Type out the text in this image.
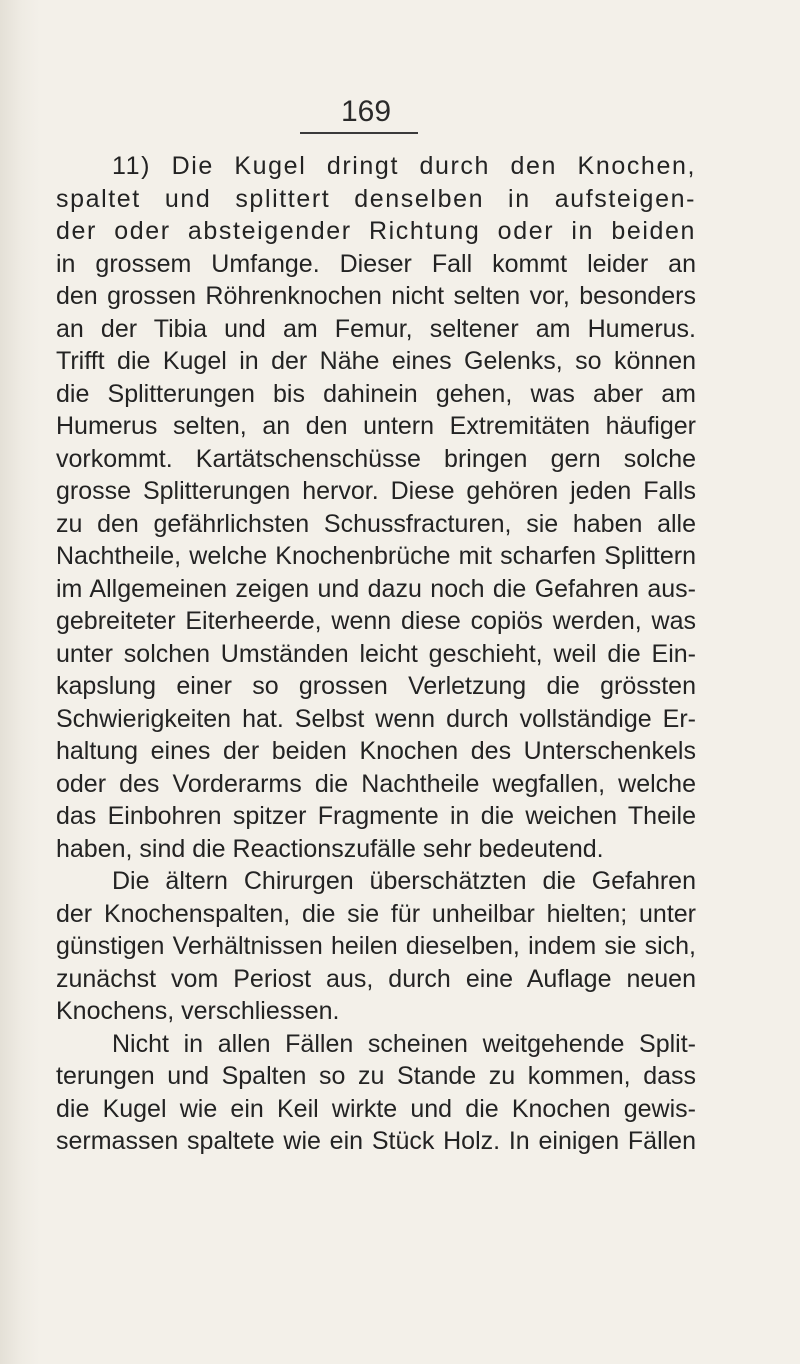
169
11) Die Kugel dringt durch den Knochen,
spaltet und splittert denselben in aufsteigen-
der oder absteigender Richtung oder in beiden
in grossem Umfange. Dieser Fall kommt leider an
den grossen Röhrenknochen nicht selten vor, besonders
an der Tibia und am Femur, seltener am Humerus.
Trifft die Kugel in der Nähe eines Gelenks, so können
die Splitterungen bis dahinein gehen, was aber am
Humerus selten, an den untern Extremitäten häufiger
vorkommt. Kartätschenschüsse bringen gern solche
grosse Splitterungen hervor. Diese gehören jeden Falls
zu den gefährlichsten Schussfracturen, sie haben alle
Nachtheile, welche Knochenbrüche mit scharfen Splittern
im Allgemeinen zeigen und dazu noch die Gefahren aus-
gebreiteter Eiterheerde, wenn diese copiös werden, was
unter solchen Umständen leicht geschieht, weil die Ein-
kapslung einer so grossen Verletzung die grössten
Schwierigkeiten hat. Selbst wenn durch vollständige Er-
haltung eines der beiden Knochen des Unterschenkels
oder des Vorderarms die Nachtheile wegfallen, welche
das Einbohren spitzer Fragmente in die weichen Theile
haben, sind die Reactionszufälle sehr bedeutend.
Die ältern Chirurgen überschätzten die Gefahren
der Knochenspalten, die sie für unheilbar hielten; unter
günstigen Verhältnissen heilen dieselben, indem sie sich,
zunächst vom Periost aus, durch eine Auflage neuen
Knochens, verschliessen.
Nicht in allen Fällen scheinen weitgehende Split-
terungen und Spalten so zu Stande zu kommen, dass
die Kugel wie ein Keil wirkte und die Knochen gewis-
sermassen spaltete wie ein Stück Holz. In einigen Fällen
